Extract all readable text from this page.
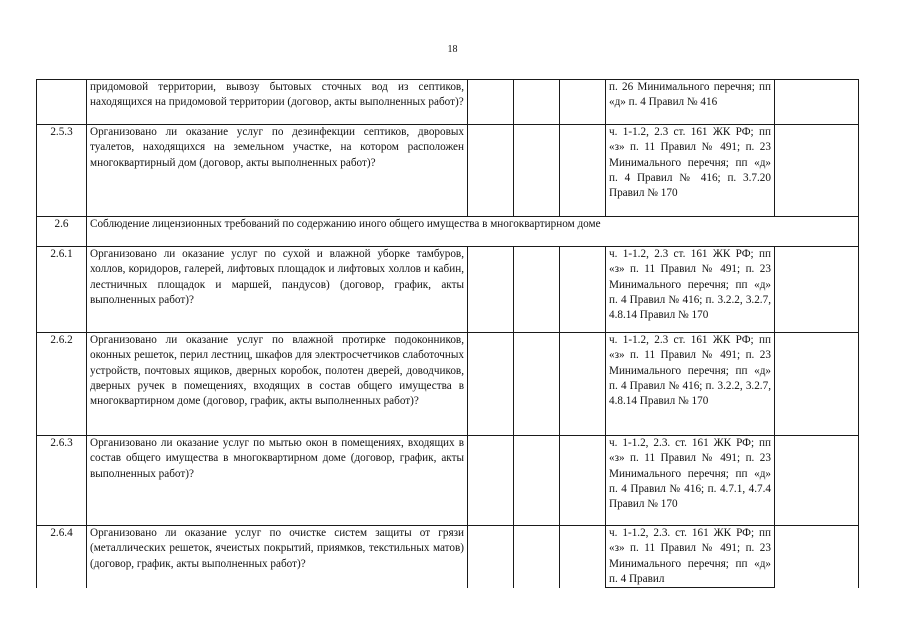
18
	придомовой территории, вывозу бытовых сточных вод из септиков, находящихся на придомовой территории (договор, акты выполненных работ)?				п. 26 Минимального перечня; пп «д» п. 4 Правил № 416	
2.5.3	Организовано ли оказание услуг по дезинфекции септиков, дворовых туалетов, находящихся на земельном участке, на котором расположен многоквартирный дом (договор, акты выполненных работ)?				ч. 1-1.2, 2.3 ст. 161 ЖК РФ; пп «з» п. 11 Правил № 491; п. 23 Минимального перечня; пп «д» п. 4 Правил № 416; п. 3.7.20 Правил № 170	
2.6	Соблюдение лицензионных требований по содержанию иного общего имущества в многоквартирном доме					
2.6.1	Организовано ли оказание услуг по сухой и влажной уборке тамбуров, холлов, коридоров, галерей, лифтовых площадок и лифтовых холлов и кабин, лестничных площадок и маршей, пандусов) (договор, график, акты выполненных работ)?				ч. 1-1.2, 2.3 ст. 161 ЖК РФ; пп «з» п. 11 Правил № 491; п. 23 Минимального перечня; пп «д» п. 4 Правил № 416; п. 3.2.2, 3.2.7, 4.8.14 Правил № 170	
2.6.2	Организовано ли оказание услуг по влажной протирке подоконников, оконных решеток, перил лестниц, шкафов для электросчетчиков слаботочных устройств, почтовых ящиков, дверных коробок, полотен дверей, доводчиков, дверных ручек в помещениях, входящих в состав общего имущества в многоквартирном доме (договор, график, акты выполненных работ)?				ч. 1-1.2, 2.3 ст. 161 ЖК РФ; пп «з» п. 11 Правил № 491; п. 23 Минимального перечня; пп «д» п. 4 Правил № 416; п. 3.2.2, 3.2.7, 4.8.14 Правил № 170	
2.6.3	Организовано ли оказание услуг по мытью окон в помещениях, входящих в состав общего имущества в многоквартирном доме (договор, график, акты выполненных работ)?				ч. 1-1.2, 2.3. ст. 161 ЖК РФ; пп «з» п. 11 Правил № 491; п. 23 Минимального перечня; пп «д» п. 4 Правил № 416; п. 4.7.1, 4.7.4 Правил № 170	
2.6.4	Организовано ли оказание услуг по очистке систем защиты от грязи (металлических решеток, ячеистых покрытий, приямков, текстильных матов) (договор, график, акты выполненных работ)?				ч. 1-1.2, 2.3. ст. 161 ЖК РФ; пп «з» п. 11 Правил № 491; п. 23 Минимального перечня; пп «д» п. 4 Правил	
